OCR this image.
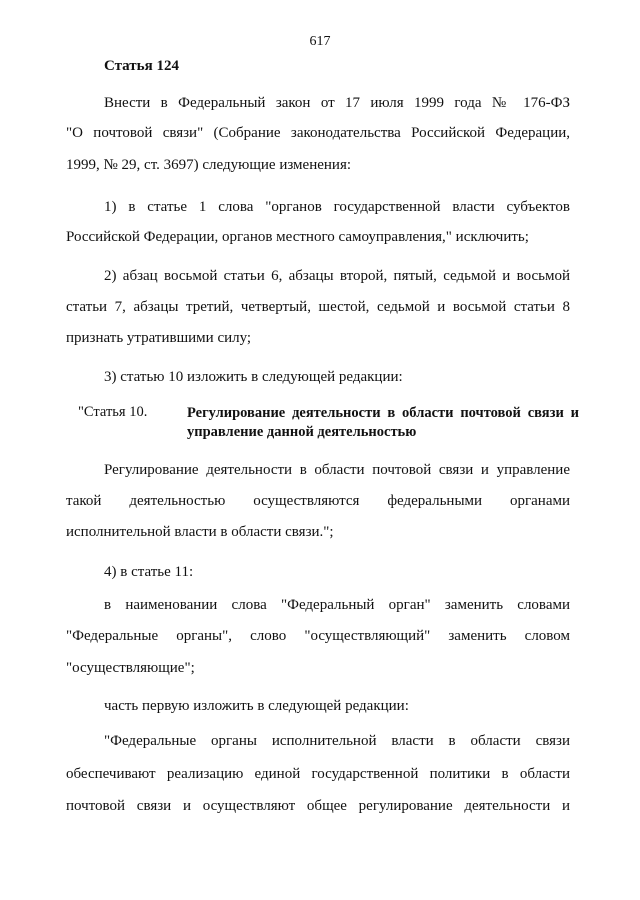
617
Статья 124
Внести в Федеральный закон от 17 июля 1999 года № 176-ФЗ
"О почтовой связи" (Собрание законодательства Российской Федерации,
1999, № 29, ст. 3697) следующие изменения:
1) в статье 1 слова "органов государственной власти субъектов
Российской Федерации, органов местного самоуправления," исключить;
2) абзац восьмой статьи 6, абзацы второй, пятый, седьмой и восьмой
статьи 7, абзацы третий, четвертый, шестой, седьмой и восьмой статьи 8
признать утратившими силу;
3) статью 10 изложить в следующей редакции:
"Статья 10.	Регулирование деятельности в области почтовой связи и управление данной деятельностью
Регулирование деятельности в области почтовой связи и управление
такой деятельностью осуществляются федеральными органами
исполнительной власти в области связи.";
4) в статье 11:
в наименовании слова "Федеральный орган" заменить словами
"Федеральные органы", слово "осуществляющий" заменить словом
"осуществляющие";
часть первую изложить в следующей редакции:
"Федеральные органы исполнительной власти в области связи
обеспечивают реализацию единой государственной политики в области
почтовой связи и осуществляют общее регулирование деятельности и
